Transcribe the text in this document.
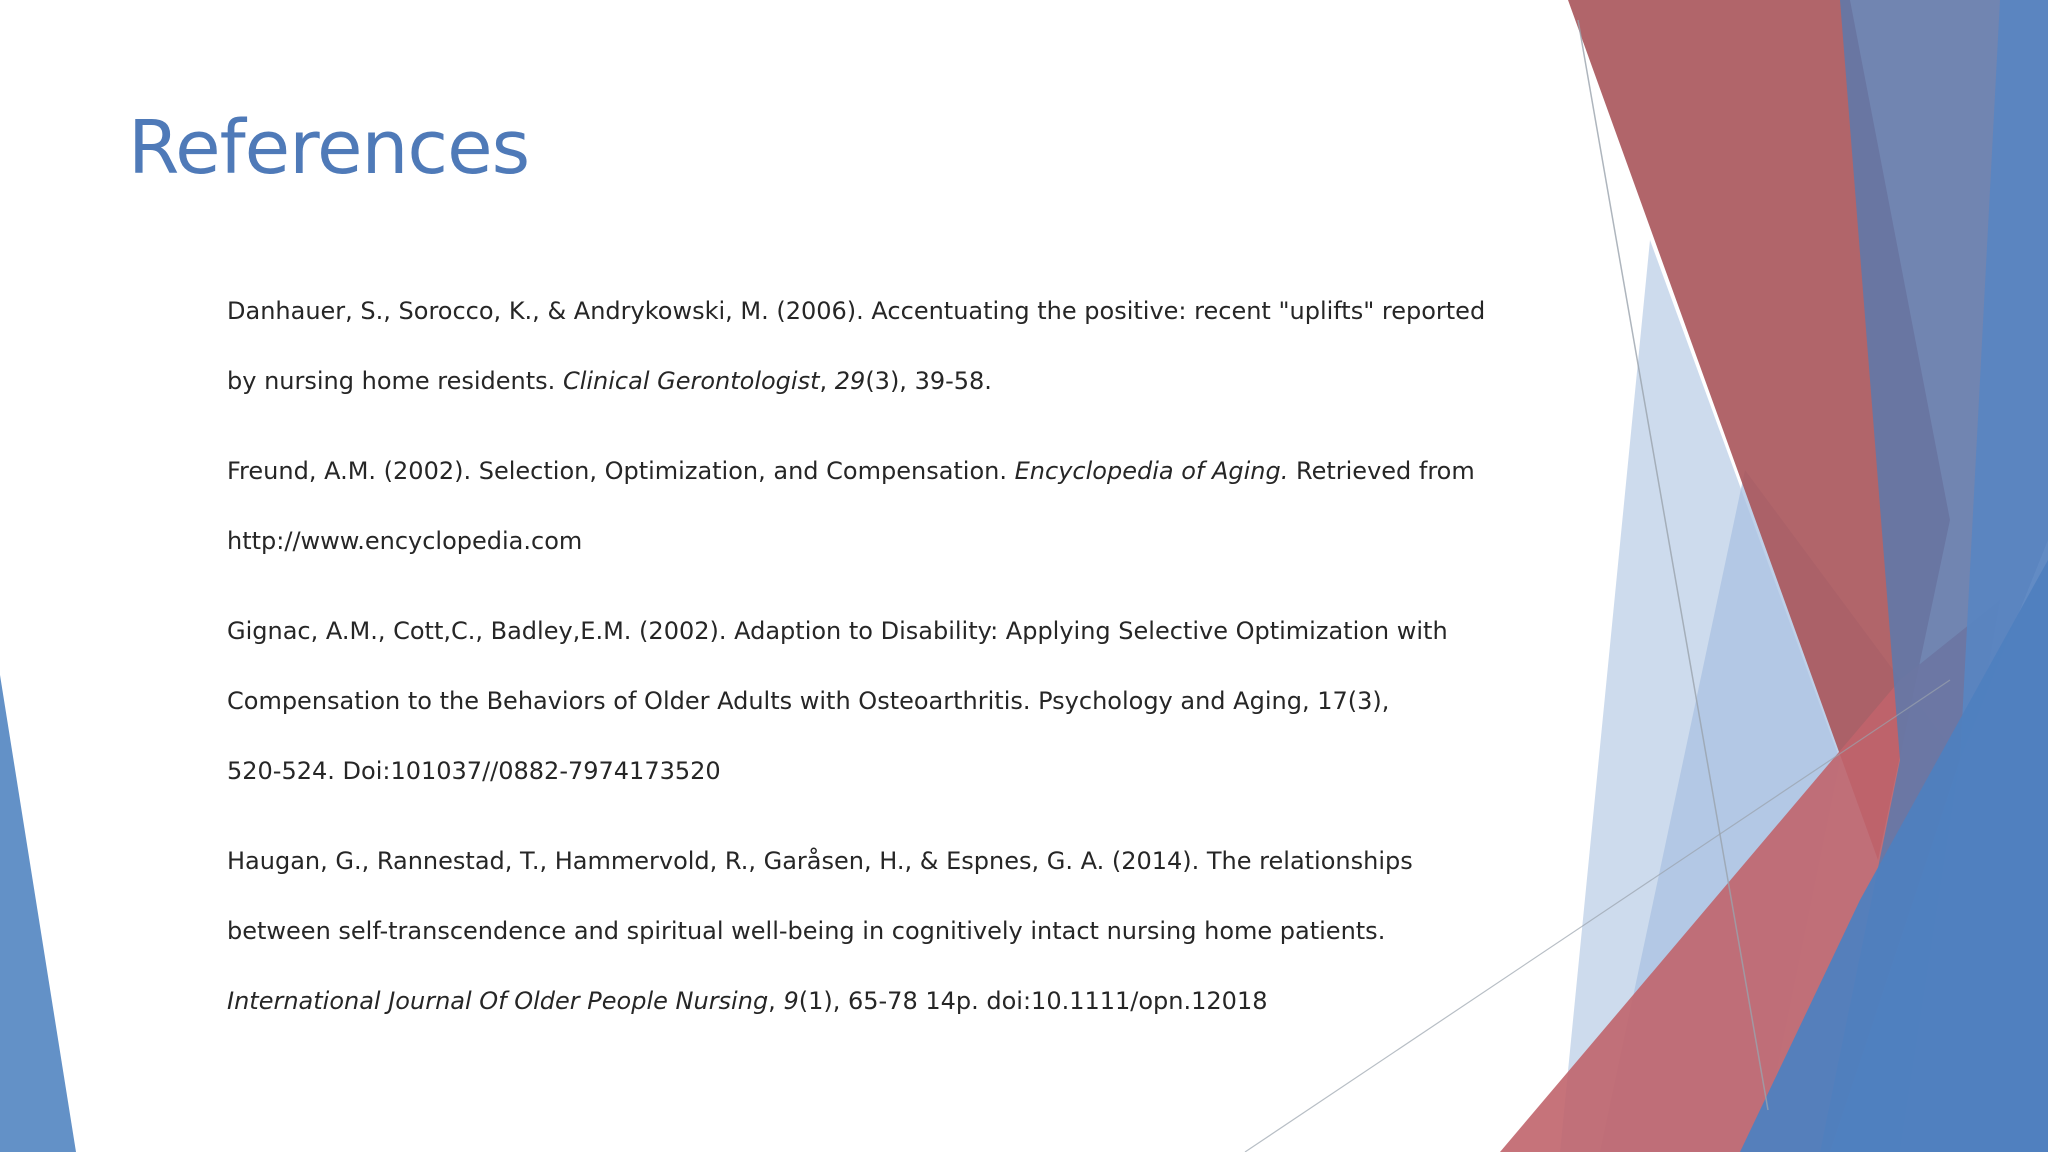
References

Danhauer, S., Sorocco, K., & Andrykowski, M. (2006). Accentuating the positive: recent "uplifts" reported
by nursing home residents. Clinical Gerontologist, 29(3), 39-58.

Freund, A.M. (2002). Selection, Optimization, and Compensation. Encyclopedia of Aging. Retrieved from
http://www.encyclopedia.com

Gignac, A.M., Cott,C., Badley,E.M. (2002). Adaption to Disability: Applying Selective Optimization with
Compensation to the Behaviors of Older Adults with Osteoarthritis. Psychology and Aging, 17(3),
520-524. Doi:101037//0882-7974173520

Haugan, G., Rannestad, T., Hammervold, R., Garåsen, H., & Espnes, G. A. (2014). The relationships
between self-transcendence and spiritual well-being in cognitively intact nursing home patients.
International Journal Of Older People Nursing, 9(1), 65-78 14p. doi:10.1111/opn.12018
